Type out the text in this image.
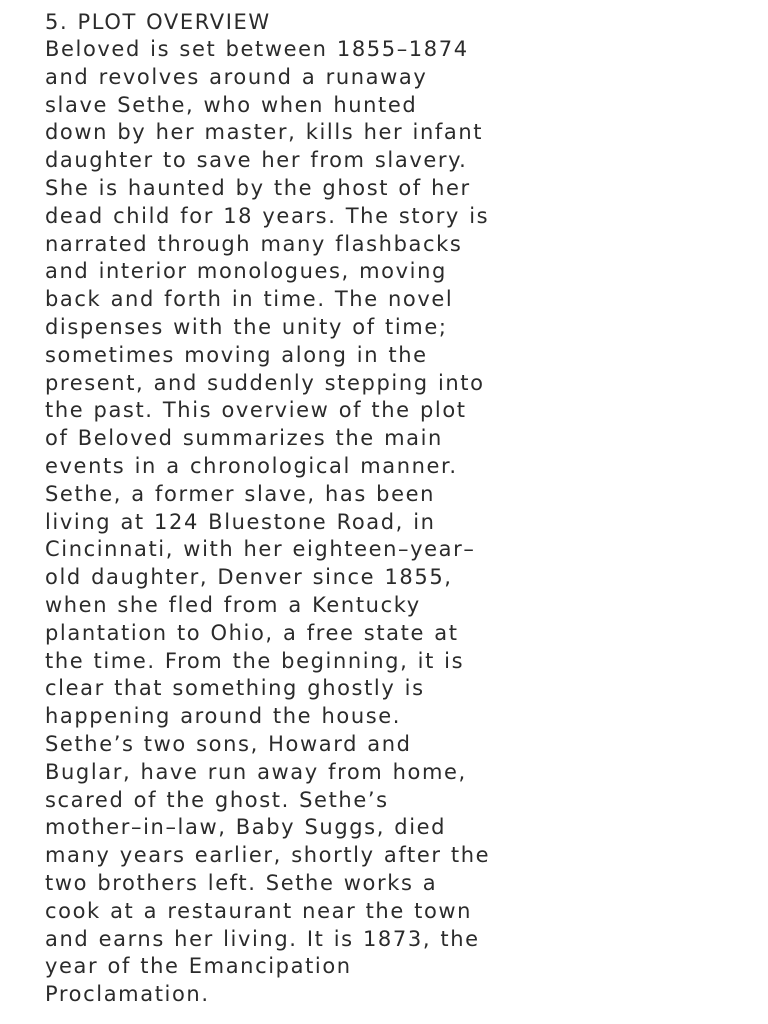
5. PLOT OVERVIEW
Beloved is set between 1855–1874
and revolves around a runaway
slave Sethe, who when hunted
down by her master, kills her infant
daughter to save her from slavery.
She is haunted by the ghost of her
dead child for 18 years. The story is
narrated through many flashbacks
and interior monologues, moving
back and forth in time. The novel
dispenses with the unity of time;
sometimes moving along in the
present, and suddenly stepping into
the past. This overview of the plot
of Beloved summarizes the main
events in a chronological manner.
Sethe, a former slave, has been
living at 124 Bluestone Road, in
Cincinnati, with her eighteen–year–
old daughter, Denver since 1855,
when she fled from a Kentucky
plantation to Ohio, a free state at
the time. From the beginning, it is
clear that something ghostly is
happening around the house.
Sethe’s two sons, Howard and
Buglar, have run away from home,
scared of the ghost. Sethe’s
mother–in–law, Baby Suggs, died
many years earlier, shortly after the
two brothers left. Sethe works a
cook at a restaurant near the town
and earns her living. It is 1873, the
year of the Emancipation
Proclamation.
